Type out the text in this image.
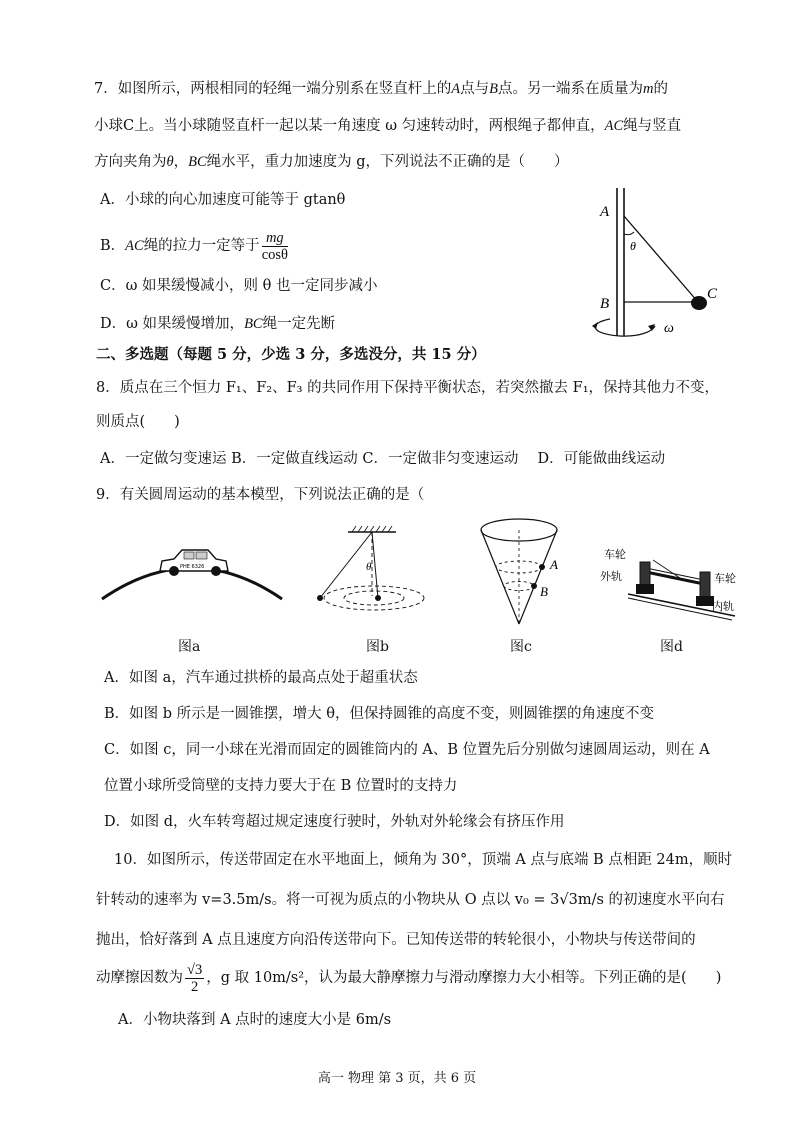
7．如图所示，两根相同的轻绳一端分别系在竖直杆上的A点与B点。另一端系在质量为m的
小球C上。当小球随竖直杆一起以某一角速度 ω 匀速转动时，两根绳子都伸直，AC绳与竖直
方向夹角为θ，BC绳水平，重力加速度为 g，下列说法不正确的是（　　）
A．小球的向心加速度可能等于 gtanθ
B．AC绳的拉力一定等于 $\frac{mg}{\cos\theta}$
C．ω 如果缓慢减小，则 θ 也一定同步减小
D．ω 如果缓慢增加，BC绳一定先断
A
B
C
θ
ω
二、多选题（每题 5 分，少选 3 分，多选没分，共 15 分）
8．质点在三个恒力 F₁、F₂、F₃ 的共同作用下保持平衡状态，若突然撤去 F₁，保持其他力不变，
则质点(　　)
A．一定做匀变速运 B．一定做直线运动 C．一定做非匀变速运动　 D．可能做曲线运动
9．有关圆周运动的基本模型，下列说法正确的是（
PHE 6326
图a
θ
图b
A
B
图c
车轮
外轨	车轮
内轨
图d
A．如图 a，汽车通过拱桥的最高点处于超重状态
B．如图 b 所示是一圆锥摆，增大 θ，但保持圆锥的高度不变，则圆锥摆的角速度不变
C．如图 c，同一小球在光滑而固定的圆锥筒内的 A、B 位置先后分别做匀速圆周运动，则在 A
位置小球所受筒壁的支持力要大于在 B 位置时的支持力
D．如图 d，火车转弯超过规定速度行驶时，外轨对外轮缘会有挤压作用
10．如图所示，传送带固定在水平地面上，倾角为 30°，顶端 A 点与底端 B 点相距 24m，顺时
针转动的速率为 v=3.5m/s。将一可视为质点的小物块从 O 点以 v₀ = 3√3m/s 的初速度水平向右
抛出，恰好落到 A 点且速度方向沿传送带向下。已知传送带的转轮很小，小物块与传送带间的
动摩擦因数为 $\frac{√3}{2}$ ，g 取 10m/s²，认为最大静摩擦力与滑动摩擦力大小相等。下列正确的是(　　)
A．小物块落到 A 点时的速度大小是 6m/s
高一 物理 第 3 页，共 6 页
